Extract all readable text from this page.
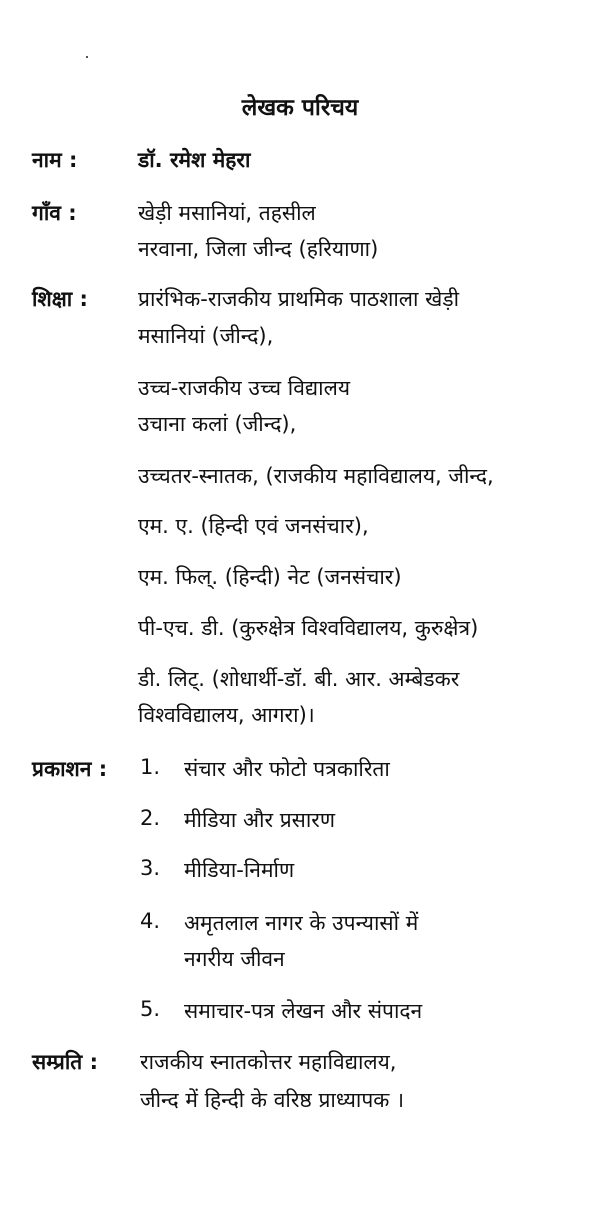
लेखक परिचय
नाम :	डॉ. रमेश मेहरा
गाँव :	खेड़ी मसानियां, तहसील
नरवाना, जिला जीन्द (हरियाणा)
शिक्षा : प्रारंभिक-राजकीय प्राथमिक पाठशाला खेड़ी
मसानियां (जीन्द),
उच्च-राजकीय उच्च विद्यालय
उचाना कलां (जीन्द),
उच्चतर-स्नातक, (राजकीय महाविद्यालय, जीन्द,
एम. ए. (हिन्दी एवं जनसंचार),
एम. फिल्. (हिन्दी) नेट (जनसंचार)
पी-एच. डी. (कुरुक्षेत्र विश्वविद्यालय, कुरुक्षेत्र)
डी. लिट्. (शोधार्थी-डॉ. बी. आर. अम्बेडकर
विश्वविद्यालय, आगरा)।
प्रकाशन : 1. संचार और फोटो पत्रकारिता
2. मीडिया और प्रसारण
3. मीडिया-निर्माण
4. अमृतलाल नागर के उपन्यासों में
नगरीय जीवन
5. समाचार-पत्र लेखन और संपादन
सम्प्रति : राजकीय स्नातकोत्तर महाविद्यालय,
जीन्द में हिन्दी के वरिष्ठ प्राध्यापक ।
